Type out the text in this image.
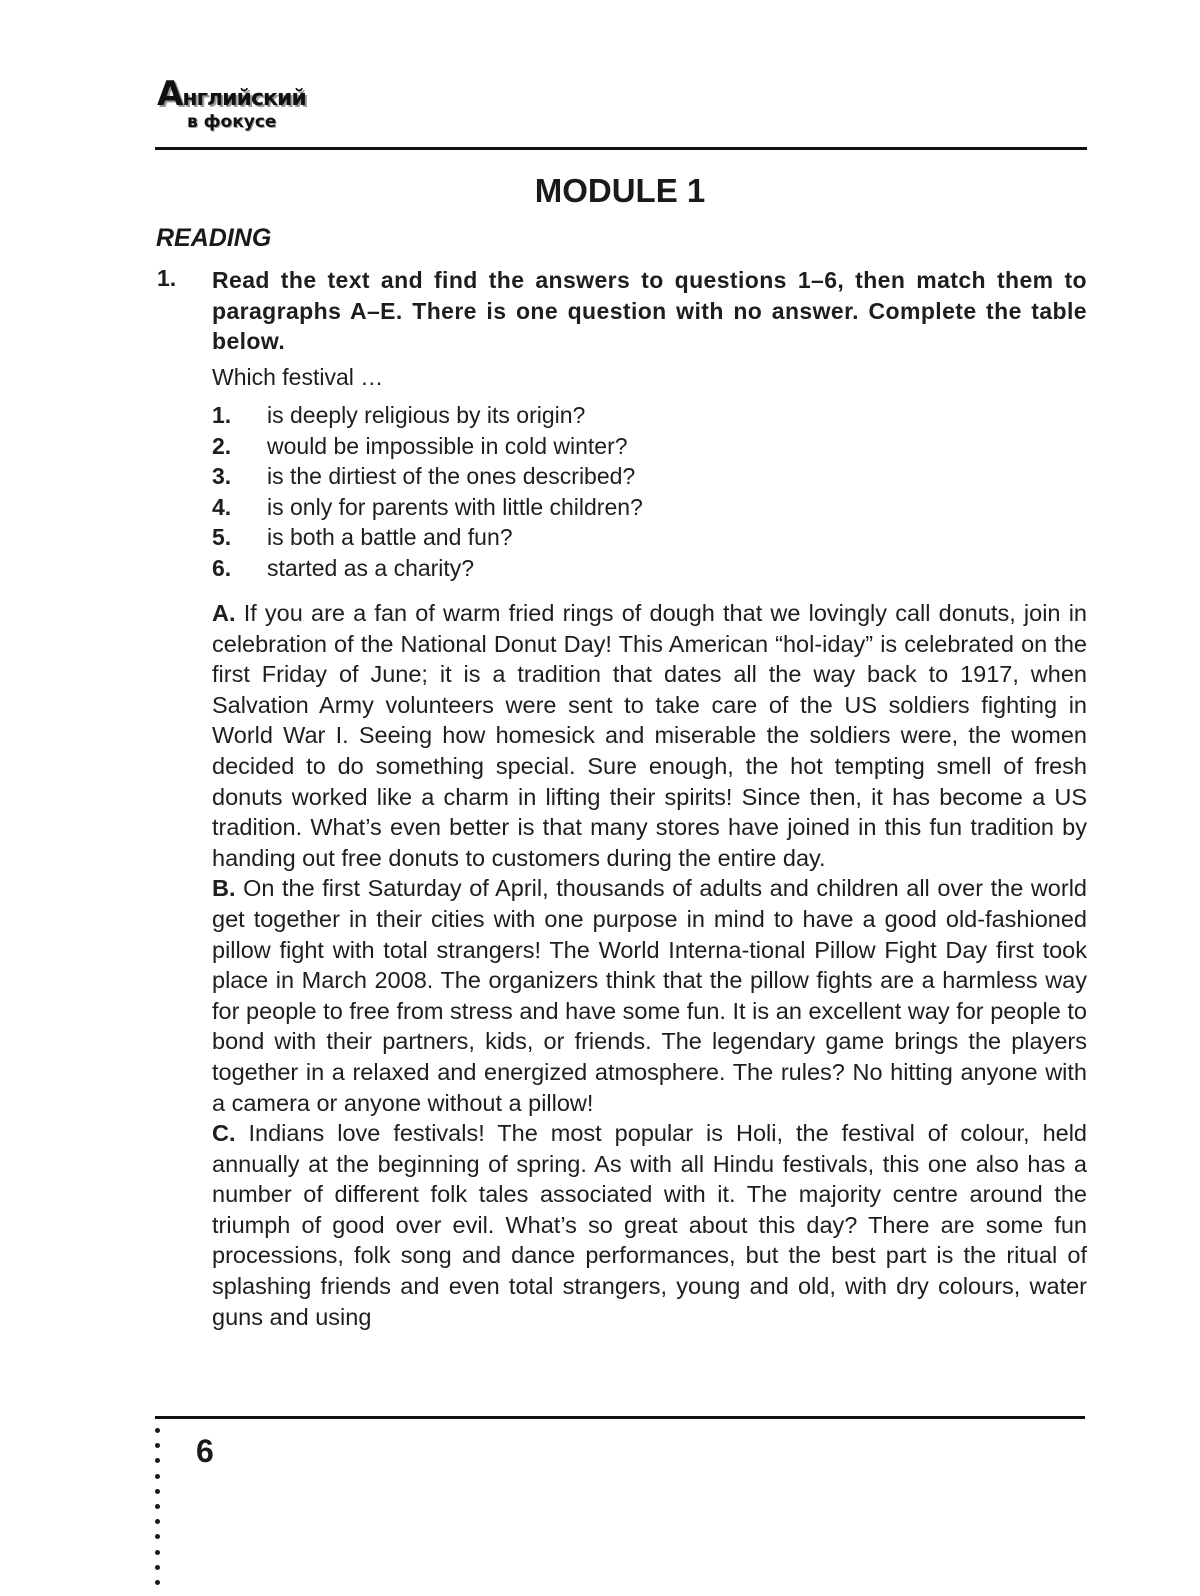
Английский
в фокусе
MODULE 1
READING
1. Read the text and find the answers to questions 1–6, then match them to paragraphs A–E. There is one question with no answer. Complete the table below.
Which festival …
1.	is deeply religious by its origin?
2.	would be impossible in cold winter?
3.	is the dirtiest of the ones described?
4.	is only for parents with little children?
5.	is both a battle and fun?
6.	started as a charity?

A. If you are a fan of warm fried rings of dough that we lovingly call donuts, join in celebration of the National Donut Day! This American “hol-iday” is celebrated on the first Friday of June; it is a tradition that dates all the way back to 1917, when Salvation Army volunteers were sent to take care of the US soldiers fighting in World War I. Seeing how homesick and miserable the soldiers were, the women decided to do something special. Sure enough, the hot tempting smell of fresh donuts worked like a charm in lifting their spirits! Since then, it has become a US tradition. What’s even better is that many stores have joined in this fun tradition by handing out free donuts to customers during the entire day.

B. On the first Saturday of April, thousands of adults and children all over the world get together in their cities with one purpose in mind to have a good old-fashioned pillow fight with total strangers! The World Interna-tional Pillow Fight Day first took place in March 2008. The organizers think that the pillow fights are a harmless way for people to free from stress and have some fun. It is an excellent way for people to bond with their partners, kids, or friends. The legendary game brings the players together in a relaxed and energized atmosphere. The rules? No hitting anyone with a camera or anyone without a pillow!

C. Indians love festivals! The most popular is Holi, the festival of colour, held annually at the beginning of spring. As with all Hindu festivals, this one also has a number of different folk tales associated with it. The majority centre around the triumph of good over evil. What’s so great about this day? There are some fun processions, folk song and dance performances, but the best part is the ritual of splashing friends and even total strangers, young and old, with dry colours, water guns and using

6
